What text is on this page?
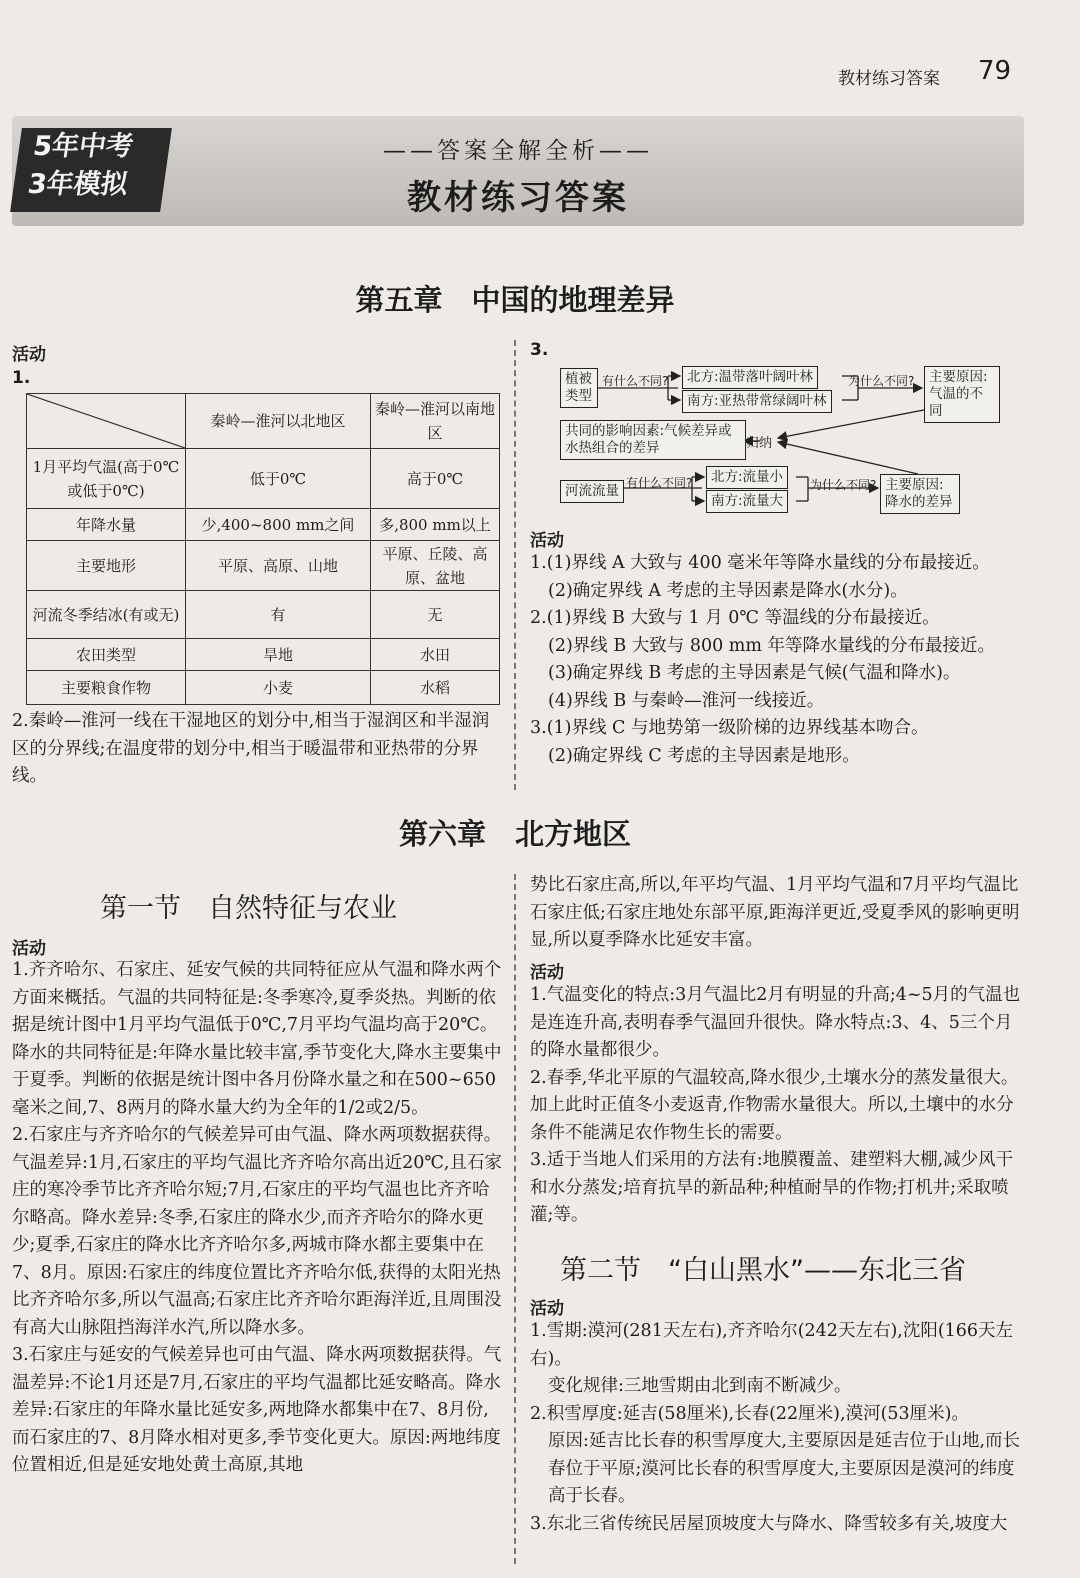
教材练习答案 79
5年中考
3年模拟
——答案全解全析——
教材练习答案
第五章　中国的地理差异
活动
1.
	秦岭—淮河以北地区	秦岭—淮河以南地区
1月平均气温(高于0℃或低于0℃)	低于0℃	高于0℃
年降水量	少,400~800 mm之间	多,800 mm以上
主要地形	平原、高原、山地	平原、丘陵、高原、盆地
河流冬季结冰(有或无)	有	无
农田类型	旱地	水田
主要粮食作物	小麦	水稻
2.秦岭—淮河一线在干湿地区的划分中,相当于湿润区和半湿润区的分界线;在温度带的划分中,相当于暖温带和亚热带的分界线。
3.
植被类型
有什么不同?	北方:温带落叶阔叶林
南方:亚热带常绿阔叶林
为什么不同?	主要原因:气温的不同
共同的影响因素:气候差异或水热组合的差异	归纳
河流流量 有什么不同?	北方:流量小
南方:流量大
为什么不同? 主要原因:降水的差异
活动

1.(1)界线 A 大致与 400 毫米年等降水量线的分布最接近。

(2)确定界线 A 考虑的主导因素是降水(水分)。

2.(1)界线 B 大致与 1 月 0℃ 等温线的分布最接近。

(2)界线 B 大致与 800 mm 年等降水量线的分布最接近。

(3)确定界线 B 考虑的主导因素是气候(气温和降水)。

(4)界线 B 与秦岭—淮河一线接近。

3.(1)界线 C 与地势第一级阶梯的边界线基本吻合。

(2)确定界线 C 考虑的主导因素是地形。

第六章　北方地区
第一节　自然特征与农业
活动

1.齐齐哈尔、石家庄、延安气候的共同特征应从气温和降水两个方面来概括。气温的共同特征是:冬季寒冷,夏季炎热。判断的依据是统计图中1月平均气温低于0℃,7月平均气温均高于20℃。降水的共同特征是:年降水量比较丰富,季节变化大,降水主要集中于夏季。判断的依据是统计图中各月份降水量之和在500~650毫米之间,7、8两月的降水量大约为全年的1/2或2/5。

2.石家庄与齐齐哈尔的气候差异可由气温、降水两项数据获得。气温差异:1月,石家庄的平均气温比齐齐哈尔高出近20℃,且石家庄的寒冷季节比齐齐哈尔短;7月,石家庄的平均气温也比齐齐哈尔略高。降水差异:冬季,石家庄的降水少,而齐齐哈尔的降水更少;夏季,石家庄的降水比齐齐哈尔多,两城市降水都主要集中在7、8月。原因:石家庄的纬度位置比齐齐哈尔低,获得的太阳光热比齐齐哈尔多,所以气温高;石家庄比齐齐哈尔距海洋近,且周围没有高大山脉阻挡海洋水汽,所以降水多。

3.石家庄与延安的气候差异也可由气温、降水两项数据获得。气温差异:不论1月还是7月,石家庄的平均气温都比延安略高。降水差异:石家庄的年降水量比延安多,两地降水都集中在7、8月份,而石家庄的7、8月降水相对更多,季节变化更大。原因:两地纬度位置相近,但是延安地处黄土高原,其地

势比石家庄高,所以,年平均气温、1月平均气温和7月平均气温比石家庄低;石家庄地处东部平原,距海洋更近,受夏季风的影响更明显,所以夏季降水比延安丰富。
活动

1.气温变化的特点:3月气温比2月有明显的升高;4~5月的气温也是连连升高,表明春季气温回升很快。降水特点:3、4、5三个月的降水量都很少。

2.春季,华北平原的气温较高,降水很少,土壤水分的蒸发量很大。加上此时正值冬小麦返青,作物需水量很大。所以,土壤中的水分条件不能满足农作物生长的需要。

3.适于当地人们采用的方法有:地膜覆盖、建塑料大棚,减少风干和水分蒸发;培育抗旱的新品种;种植耐旱的作物;打机井;采取喷灌;等。

第二节　“白山黑水”——东北三省
活动

1.雪期:漠河(281天左右),齐齐哈尔(242天左右),沈阳(166天左右)。

变化规律:三地雪期由北到南不断减少。

2.积雪厚度:延吉(58厘米),长春(22厘米),漠河(53厘米)。

原因:延吉比长春的积雪厚度大,主要原因是延吉位于山地,而长春位于平原;漠河比长春的积雪厚度大,主要原因是漠河的纬度高于长春。

3.东北三省传统民居屋顶坡度大与降水、降雪较多有关,坡度大
